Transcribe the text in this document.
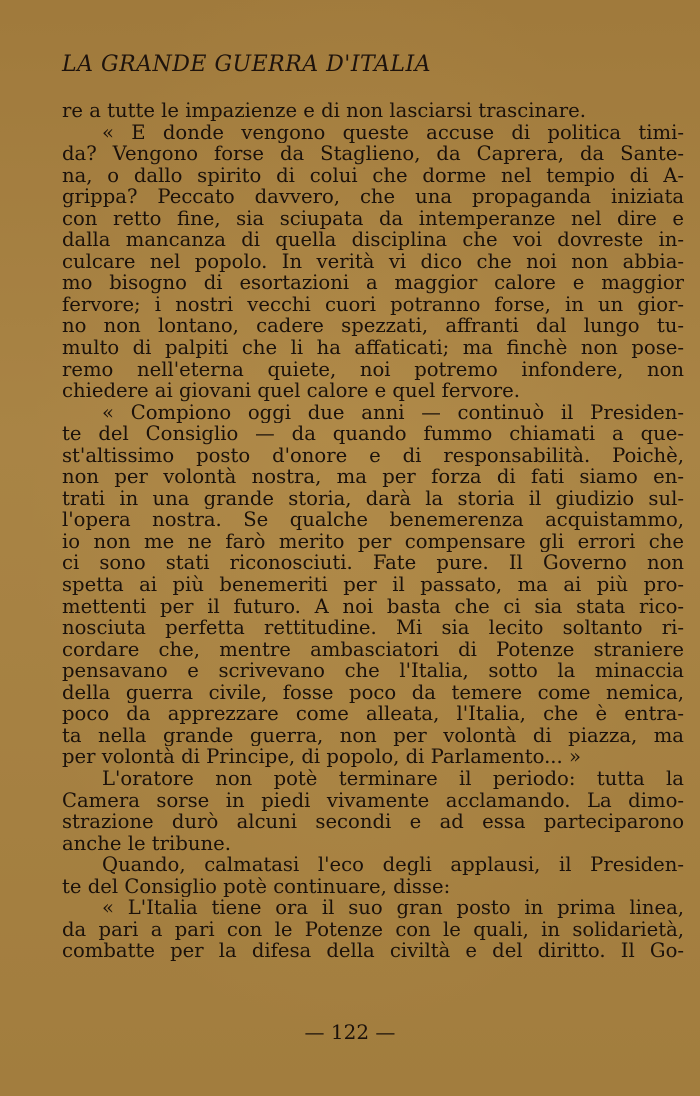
LA GRANDE GUERRA D'ITALIA
re a tutte le impazienze e di non lasciarsi trascinare.
« E donde vengono queste accuse di politica timi-
da? Vengono forse da Staglieno, da Caprera, da Sante-
na, o dallo spirito di colui che dorme nel tempio di A-
grippa? Peccato davvero, che una propaganda iniziata
con retto fine, sia sciupata da intemperanze nel dire e
dalla mancanza di quella disciplina che voi dovreste in-
culcare nel popolo. In verità vi dico che noi non abbia-
mo bisogno di esortazioni a maggior calore e maggior
fervore; i nostri vecchi cuori potranno forse, in un gior-
no non lontano, cadere spezzati, affranti dal lungo tu-
multo di palpiti che li ha affaticati; ma finchè non pose-
remo nell'eterna quiete, noi potremo infondere, non
chiedere ai giovani quel calore e quel fervore.
« Compiono oggi due anni — continuò il Presiden-
te del Consiglio — da quando fummo chiamati a que-
st'altissimo posto d'onore e di responsabilità. Poichè,
non per volontà nostra, ma per forza di fati siamo en-
trati in una grande storia, darà la storia il giudizio sul-
l'opera nostra. Se qualche benemerenza acquistammo,
io non me ne farò merito per compensare gli errori che
ci sono stati riconosciuti. Fate pure. Il Governo non
spetta ai più benemeriti per il passato, ma ai più pro-
mettenti per il futuro. A noi basta che ci sia stata rico-
nosciuta perfetta rettitudine. Mi sia lecito soltanto ri-
cordare che, mentre ambasciatori di Potenze straniere
pensavano e scrivevano che l'Italia, sotto la minaccia
della guerra civile, fosse poco da temere come nemica,
poco da apprezzare come alleata, l'Italia, che è entra-
ta nella grande guerra, non per volontà di piazza, ma
per volontà di Principe, di popolo, di Parlamento... »
L'oratore non potè terminare il periodo: tutta la
Camera sorse in piedi vivamente acclamando. La dimo-
strazione durò alcuni secondi e ad essa parteciparono
anche le tribune.
Quando, calmatasi l'eco degli applausi, il Presiden-
te del Consiglio potè continuare, disse:
« L'Italia tiene ora il suo gran posto in prima linea,
da pari a pari con le Potenze con le quali, in solidarietà,
combatte per la difesa della civiltà e del diritto. Il Go-
— 122 —
